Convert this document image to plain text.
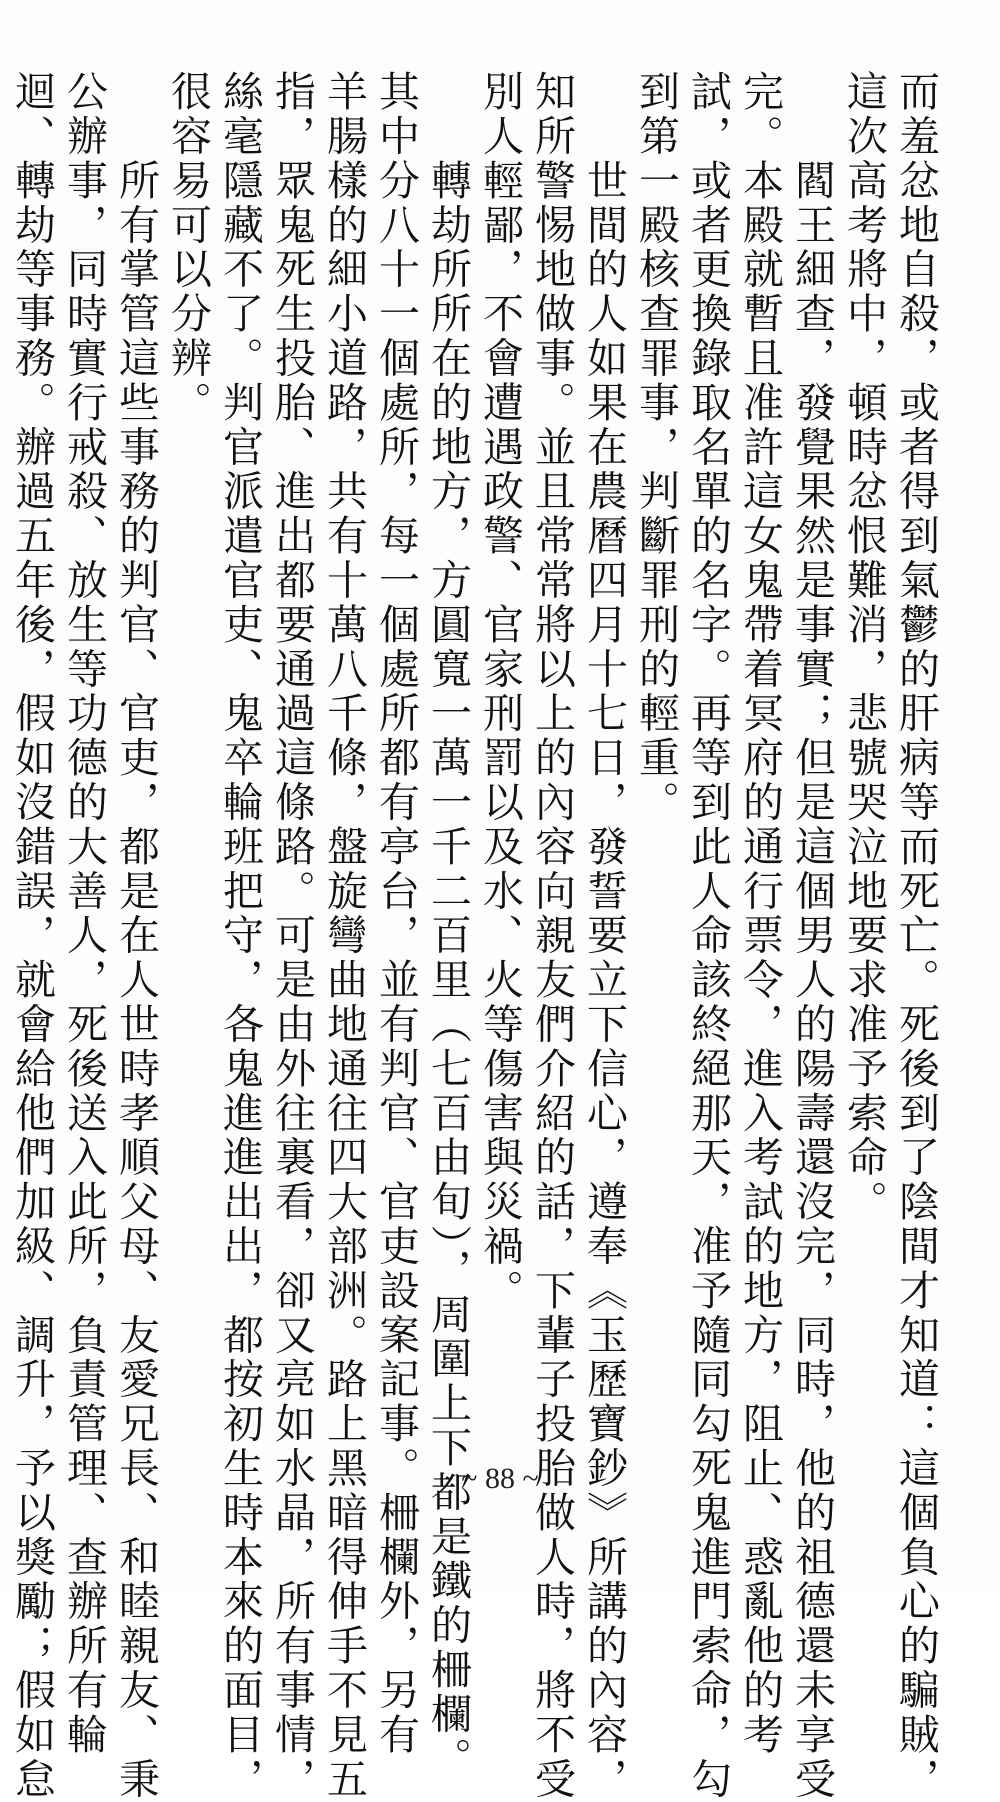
而羞忿地自殺，或者得到氣鬱的肝病等而死亡。死後到了陰間才知道：這個負心的騙賊，
這次高考將中，頓時忿恨難消，悲號哭泣地要求准予索命。
　　閻王細查，發覺果然是事實；但是這個男人的陽壽還沒完，同時，他的祖德還未享受
完。本殿就暫且准許這女鬼帶着冥府的通行票令，進入考試的地方，阻止、惑亂他的考
試，或者更換錄取名單的名字。再等到此人命該終絕那天，准予隨同勾死鬼進門索命，勾
到第一殿核查罪事，判斷罪刑的輕重。
　　世間的人如果在農曆四月十七日，發誓要立下信心，遵奉《玉歷寶鈔》所講的內容，
知所警惕地做事。並且常常將以上的內容向親友們介紹的話，下輩子投胎做人時，將不受
別人輕鄙，不會遭遇政警、官家刑罰以及水、火等傷害與災禍。
　　轉劫所所在的地方，方圓寬一萬一千二百里（七百由旬），周圍上下都是鐵的柵欄。
其中分八十一個處所，每一個處所都有亭台，並有判官、官吏設案記事。柵欄外，另有
羊腸樣的細小道路，共有十萬八千條，盤旋彎曲地通往四大部洲。路上黑暗得伸手不見五
指，眾鬼死生投胎、進出都要通過這條路。可是由外往裏看，卻又亮如水晶，所有事情，
絲毫隱藏不了。判官派遣官吏、鬼卒輪班把守，各鬼進進出出，都按初生時本來的面目，
很容易可以分辨。
　　所有掌管這些事務的判官、官吏，都是在人世時孝順父母、友愛兄長、和睦親友、秉
公辦事，同時實行戒殺、放生等功德的大善人，死後送入此所，負責管理、查辦所有輪
迴、轉劫等事務。辦過五年後，假如沒錯誤，就會給他們加級、調升，予以獎勵；假如怠	~ 88 ~
